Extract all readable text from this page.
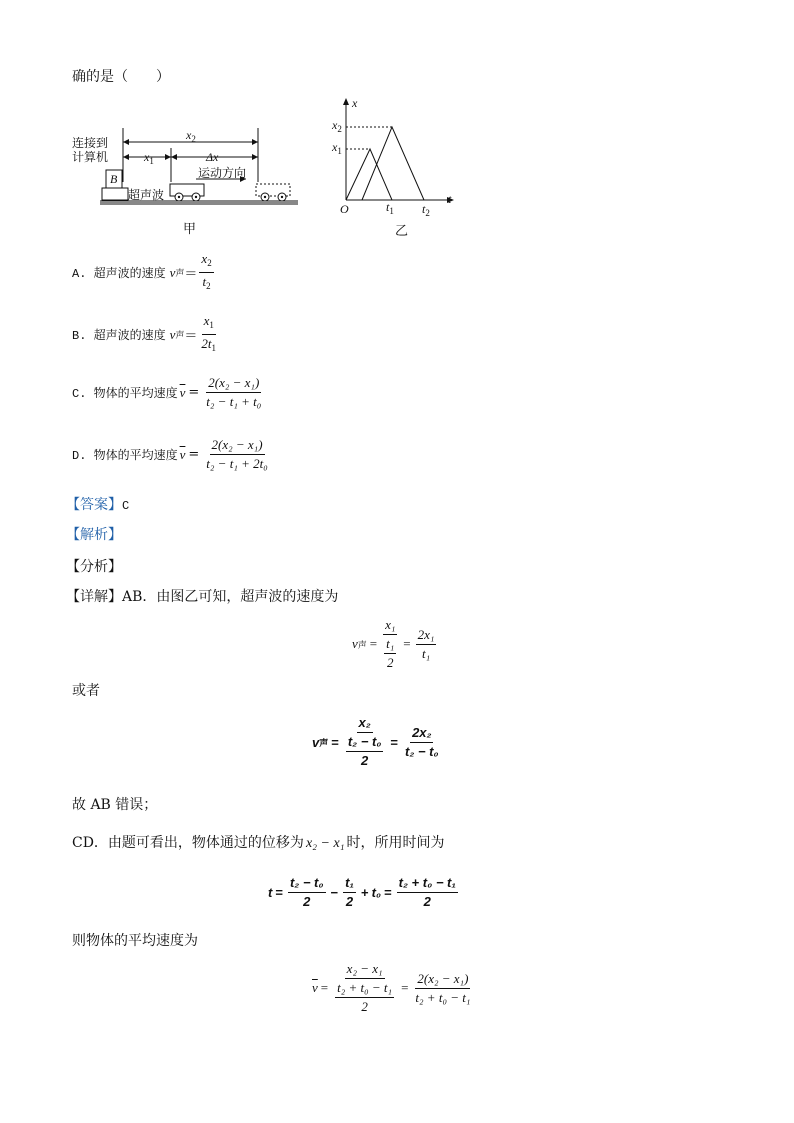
确的是（　　）
连接到
计算机
B
$x_2$
$x_1$	Δx
运动方向
超声波
甲
x
t
O
$x_2$
$x_1$
$t_1$ $t_2$
乙
A. 超声波的速度 v 声 ＝ $\frac{x_2}{t_2}$
B. 超声波的速度 v 声 ＝ $\frac{x_1}{2t_1}$
C. 物体的平均速度 $\overline{v} = \frac{\text{2(x₂ − x₁)}}{\text{t₂ − t₁ + t₀}}$
D. 物体的平均速度 $\overline{v} = \frac{\text{2(x₂ − x₁)}}{\text{t₂ − t₁ + 2t₀}}$
【答案】C
【解析】
【分析】
【详解】AB．由图乙可知，超声波的速度为
v 声 = $\frac{\text{x₁}}{\frac{\text{t₁}}{2}} = \frac{\text{2x₁}}{\text{t₁}}$
或者
v 声 = $\frac{\text{x₂}}{\frac{\text{t₂ − t₀}}{2}} = \frac{\text{2x₂}}{\text{t₂ − t₀}}$
故 AB 错误；
CD．由题可看出，物体通过的位移为 x₂ − x₁ 时，所用时间为
$t = \frac{\text{t₂ − t₀}}{2} - \frac{\text{t₁}}{2} + t_0 = \frac{\text{t₂ + t₀ − t₁}}{2}$
则物体的平均速度为
$\overline{v} = \frac{\text{x₂ − x₁}}{\frac{\text{t₂ + t₀ − t₁}}{2}} = \frac{\text{2(x₂ − x₁)}}{\text{t₂ + t₀ − t₁}}$
